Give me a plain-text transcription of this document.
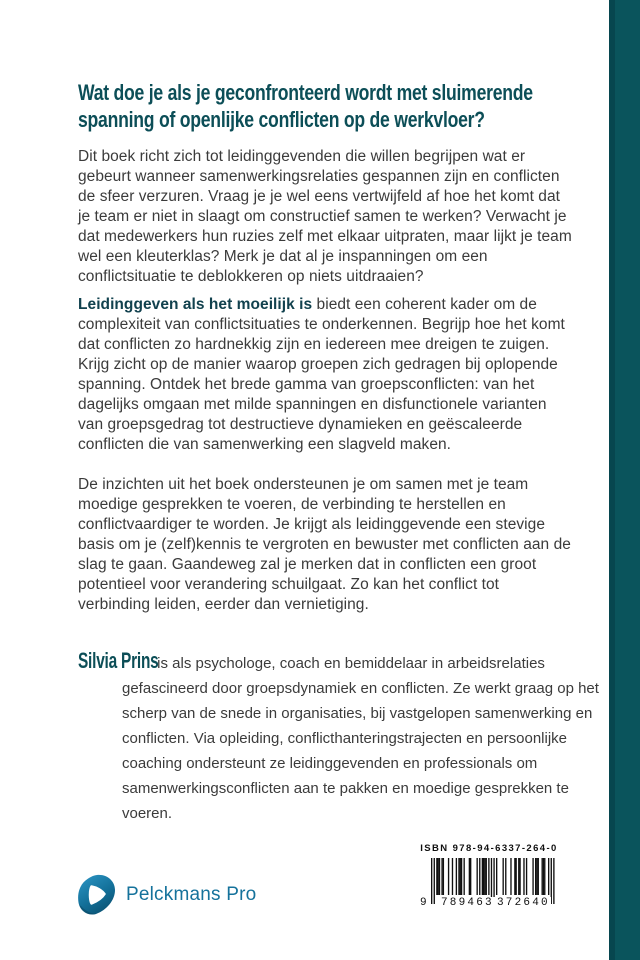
Wat doe je als je geconfronteerd wordt met sluimerende
spanning of openlijke conflicten op de werkvloer?

Dit boek richt zich tot leidinggevenden die willen begrijpen wat er gebeurt wanneer samenwerkingsrelaties gespannen zijn en conflicten de sfeer verzuren. Vraag je je wel eens vertwijfeld af hoe het komt dat je team er niet in slaagt om constructief samen te werken? Verwacht je dat medewerkers hun ruzies zelf met elkaar uitpraten, maar lijkt je team wel een kleuterklas? Merk je dat al je inspanningen om een conflictsituatie te deblokkeren op niets uitdraaien?

Leidinggeven als het moeilijk is biedt een coherent kader om de complexiteit van conflictsituaties te onderkennen. Begrijp hoe het komt dat conflicten zo hardnekkig zijn en iedereen mee dreigen te zuigen. Krijg zicht op de manier waarop groepen zich gedragen bij oplopende spanning. Ontdek het brede gamma van groepsconflicten: van het dagelijks omgaan met milde spanningen en disfunctionele varianten van groepsgedrag tot destructieve dynamieken en geëscaleerde conflicten die van samenwerking een slagveld maken.

De inzichten uit het boek ondersteunen je om samen met je team moedige gesprekken te voeren, de verbinding te herstellen en conflictvaardiger te worden. Je krijgt als leidinggevende een stevige basis om je (zelf)kennis te vergroten en bewuster met conflicten aan de slag te gaan. Gaandeweg zal je merken dat in conflicten een groot potentieel voor verandering schuilgaat. Zo kan het conflict tot verbinding leiden, eerder dan vernietiging.

Silvia Prins is als psychologe, coach en bemiddelaar in arbeidsrelaties gefascineerd door groepsdynamiek en conflicten. Ze werkt graag op het scherp van de snede in organisaties, bij vastgelopen samenwerking en conflicten. Via opleiding, conflicthanteringstrajecten en persoonlijke coaching ondersteunt ze leidinggevenden en professionals om samenwerkingsconflicten aan te pakken en moedige gesprekken te voeren.

Pelckmans Pro
ISBN 978-94-6337-264-0
9 789463 372640
